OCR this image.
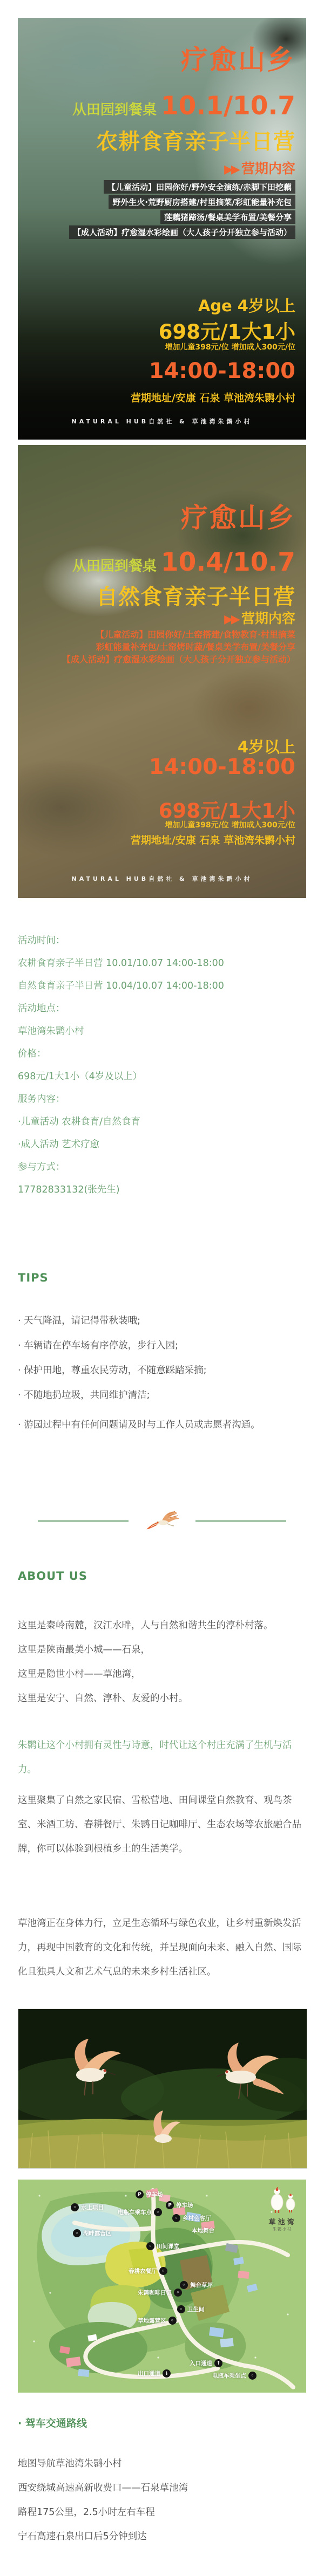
疗愈山乡
从田园到餐桌 10.1/10.7
农耕食育亲子半日营
▶▶ 营期内容
【儿童活动】田园你好/野外安全演练/赤脚下田挖藕
野外生火·荒野厨房搭建/村里摘菜/彩虹能量补充包
莲藕猪蹄汤/餐桌美学布置/美餐分享
【成人活动】疗愈湿水彩绘画（大人孩子分开独立参与活动）
Age 4岁以上
698元/1大1小
增加儿童398元/位 增加成人300元/位
14:00-18:00
营期地址/安康 石泉 草池湾朱鹮小村
NATURAL HUB自然社 & 草池湾朱鹮小村
疗愈山乡
从田园到餐桌 10.4/10.7
自然食育亲子半日营
▶▶ 营期内容
【儿童活动】田园你好/土窑搭建/食物教育·村里摘菜
彩虹能量补充包/土窑烤时蔬/餐桌美学布置/美餐分享
【成人活动】疗愈湿水彩绘画（大人孩子分开独立参与活动）
4岁以上
14:00-18:00
698元/1大1小
增加儿童398元/位 增加成人300元/位
营期地址/安康 石泉 草池湾朱鹮小村
NATURAL HUB自然社 & 草池湾朱鹮小村

活动时间：

农耕食育亲子半日营 10.01/10.07 14:00-18:00

自然食育亲子半日营 10.04/10.07 14:00-18:00

活动地点：

草池湾朱鹮小村

价格：

698元/1大1小（4岁及以上）

服务内容：

·儿童活动 农耕食育/自然食育

·成人活动 艺术疗愈

参与方式：

17782833132(张先生)

TIPS

· 天气降温，请记得带秋装哦;

· 车辆请在停车场有序停放，步行入园;

· 保护田地，尊重农民劳动，不随意踩踏采摘;

· 不随地扔垃圾，共同维护清洁;

· 游园过程中有任何问题请及时与工作人员或志愿者沟通。

ABOUT US
这里是秦岭南麓，汉江水畔，人与自然和谐共生的淳朴村落。
这里是陕南最美小城——石泉，
这里是隐世小村——草池湾，
这里是安宁、自然、淳朴、友爱的小村。

朱鹮让这个小村拥有灵性与诗意，时代让这个村庄充满了生机与活力。

这里聚集了自然之家民宿、雪松营地、田间课堂自然教育、观鸟茶室、米酒工坊、春耕餐厅、朱鹮日记咖啡厅、生态农场等农旅融合品牌，你可以体验到根植乡土的生活美学。

草池湾正在身体力行，立足生态循环与绿色农业，让乡村重新焕发活力，再现中国教育的文化和传统，并呈现面向未来、融入自然、国际化且独具人文和艺术气息的未来乡村生活社区。

◦ 水上项目
P 停车场
P 停车场
电瓶车乘车点 ◦
◦ 乡村会客厅
本地舞台
◦ 湖畔露营区
◦ 田间课堂
春耕农餐厅 ◦
◦ 舞台草坪
朱鹮咖啡日记 ◦
◦ 卫生间
草地露营区 ◦
入口通道 ↑
出口通道 ↓	电瓶车乘坐点 ◦
草池湾
朱鹮小村
· 驾车交通路线

地图导航草池湾朱鹮小村

西安绕城高速高新收费口——石泉草池湾

路程175公里，2.5小时左右车程

宁石高速石泉出口后5分钟到达
